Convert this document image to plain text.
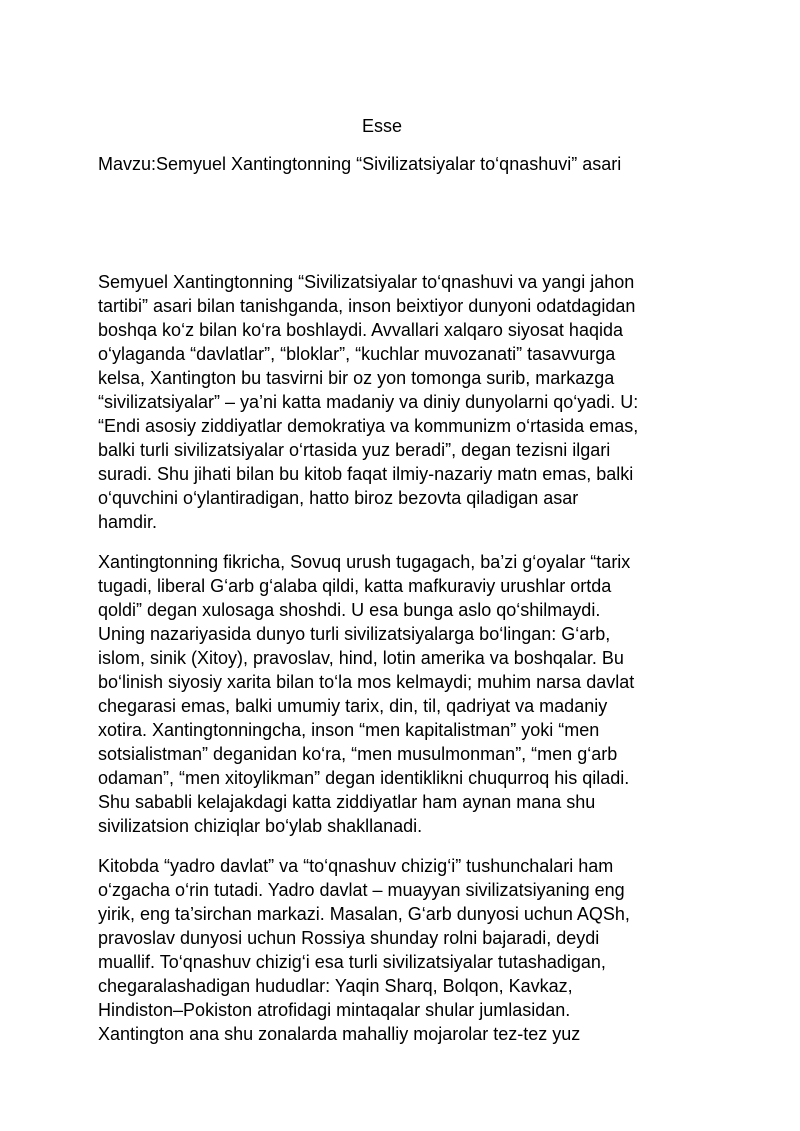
Esse

Mavzu:Semyuel Xantingtonning “Sivilizatsiyalar to‘qnashuvi” asari

Semyuel Xantingtonning “Sivilizatsiyalar to‘qnashuvi va yangi jahon
tartibi” asari bilan tanishganda, inson beixtiyor dunyoni odatdagidan
boshqa ko‘z bilan ko‘ra boshlaydi. Avvallari xalqaro siyosat haqida
o‘ylaganda “davlatlar”, “bloklar”, “kuchlar muvozanati” tasavvurga
kelsa, Xantington bu tasvirni bir oz yon tomonga surib, markazga
“sivilizatsiyalar” – ya’ni katta madaniy va diniy dunyolarni qo‘yadi. U:
“Endi asosiy ziddiyatlar demokratiya va kommunizm o‘rtasida emas,
balki turli sivilizatsiyalar o‘rtasida yuz beradi”, degan tezisni ilgari
suradi. Shu jihati bilan bu kitob faqat ilmiy-nazariy matn emas, balki
o‘quvchini o‘ylantiradigan, hatto biroz bezovta qiladigan asar
hamdir.

Xantingtonning fikricha, Sovuq urush tugagach, ba’zi g‘oyalar “tarix
tugadi, liberal G‘arb g‘alaba qildi, katta mafkuraviy urushlar ortda
qoldi” degan xulosaga shoshdi. U esa bunga aslo qo‘shilmaydi.
Uning nazariyasida dunyo turli sivilizatsiyalarga bo‘lingan: G‘arb,
islom, sinik (Xitoy), pravoslav, hind, lotin amerika va boshqalar. Bu
bo‘linish siyosiy xarita bilan to‘la mos kelmaydi; muhim narsa davlat
chegarasi emas, balki umumiy tarix, din, til, qadriyat va madaniy
xotira. Xantingtonningcha, inson “men kapitalistman” yoki “men
sotsialistman” deganidan ko‘ra, “men musulmonman”, “men g‘arb
odaman”, “men xitoylikman” degan identiklikni chuqurroq his qiladi.
Shu sababli kelajakdagi katta ziddiyatlar ham aynan mana shu
sivilizatsion chiziqlar bo‘ylab shakllanadi.

Kitobda “yadro davlat” va “to‘qnashuv chizig‘i” tushunchalari ham
o‘zgacha o‘rin tutadi. Yadro davlat – muayyan sivilizatsiyaning eng
yirik, eng ta’sirchan markazi. Masalan, G‘arb dunyosi uchun AQSh,
pravoslav dunyosi uchun Rossiya shunday rolni bajaradi, deydi
muallif. To‘qnashuv chizig‘i esa turli sivilizatsiyalar tutashadigan,
chegaralashadigan hududlar: Yaqin Sharq, Bolqon, Kavkaz,
Hindiston–Pokiston atrofidagi mintaqalar shular jumlasidan.
Xantington ana shu zonalarda mahalliy mojarolar tez-tez yuz
